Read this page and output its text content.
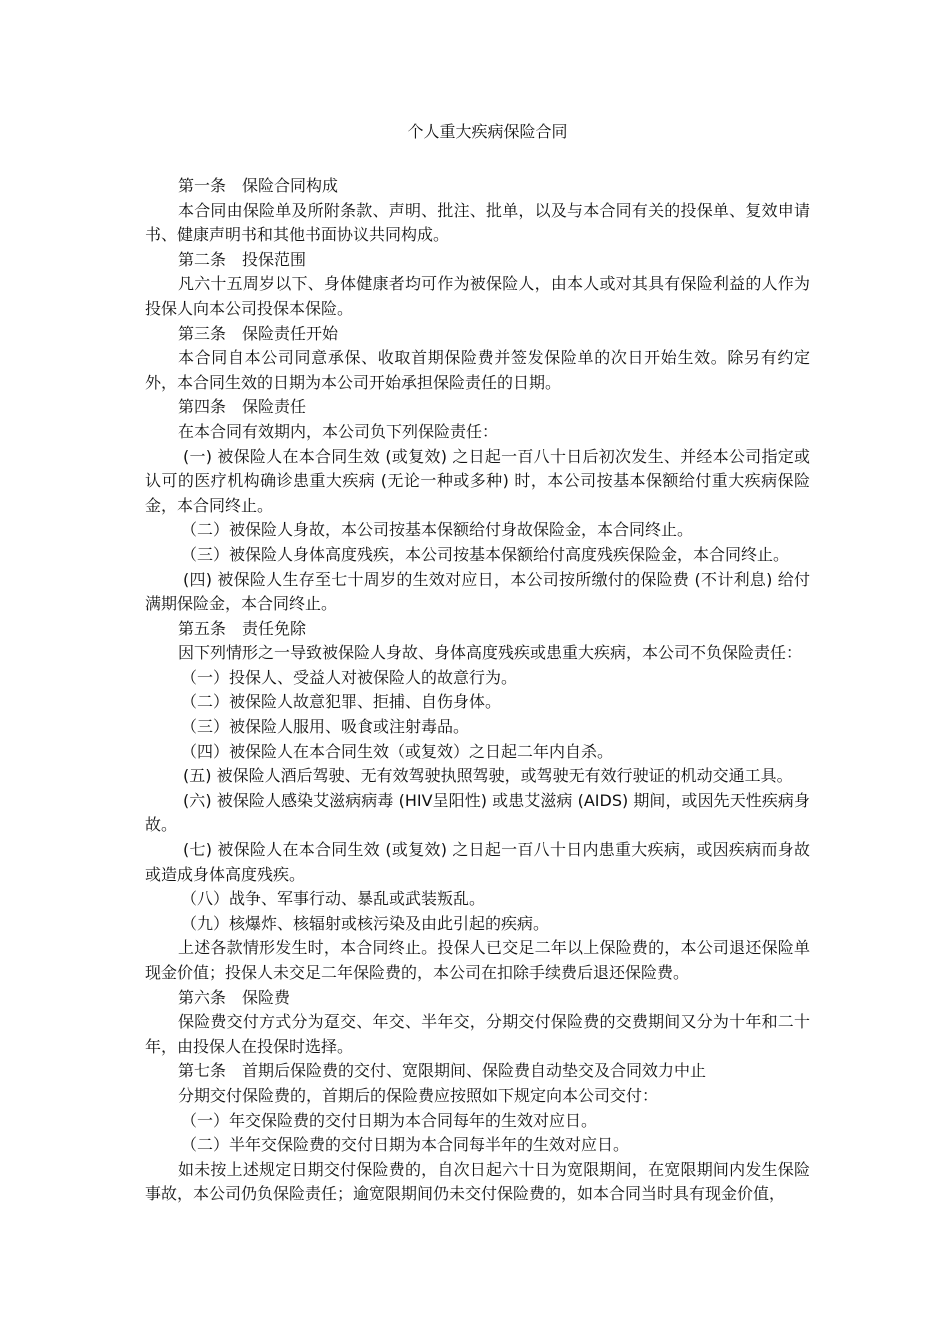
个人重大疾病保险合同

第一条　保险合同构成

本合同由保险单及所附条款、声明、批注、批单，以及与本合同有关的投保单、复效申请书、健康声明书和其他书面协议共同构成。

第二条　投保范围

凡六十五周岁以下、身体健康者均可作为被保险人，由本人或对其具有保险利益的人作为投保人向本公司投保本保险。

第三条　保险责任开始

本合同自本公司同意承保、收取首期保险费并签发保险单的次日开始生效。除另有约定外，本合同生效的日期为本公司开始承担保险责任的日期。

第四条　保险责任

在本合同有效期内，本公司负下列保险责任：

(一) 被保险人在本合同生效 (或复效) 之日起一百八十日后初次发生、并经本公司指定或认可的医疗机构确诊患重大疾病 (无论一种或多种) 时，本公司按基本保额给付重大疾病保险金，本合同终止。

（二）被保险人身故，本公司按基本保额给付身故保险金，本合同终止。

（三）被保险人身体高度残疾，本公司按基本保额给付高度残疾保险金，本合同终止。

(四) 被保险人生存至七十周岁的生效对应日，本公司按所缴付的保险费 (不计利息) 给付满期保险金，本合同终止。

第五条　责任免除

因下列情形之一导致被保险人身故、身体高度残疾或患重大疾病，本公司不负保险责任：

（一）投保人、受益人对被保险人的故意行为。

（二）被保险人故意犯罪、拒捕、自伤身体。

（三）被保险人服用、吸食或注射毒品。

（四）被保险人在本合同生效（或复效）之日起二年内自杀。

(五) 被保险人酒后驾驶、无有效驾驶执照驾驶，或驾驶无有效行驶证的机动交通工具。

(六) 被保险人感染艾滋病病毒 (HIV呈阳性) 或患艾滋病 (AIDS) 期间，或因先天性疾病身故。

(七) 被保险人在本合同生效 (或复效) 之日起一百八十日内患重大疾病，或因疾病而身故或造成身体高度残疾。

（八）战争、军事行动、暴乱或武装叛乱。

（九）核爆炸、核辐射或核污染及由此引起的疾病。

上述各款情形发生时，本合同终止。投保人已交足二年以上保险费的，本公司退还保险单现金价值；投保人未交足二年保险费的，本公司在扣除手续费后退还保险费。

第六条　保险费

保险费交付方式分为趸交、年交、半年交，分期交付保险费的交费期间又分为十年和二十年，由投保人在投保时选择。

第七条　首期后保险费的交付、宽限期间、保险费自动垫交及合同效力中止

分期交付保险费的，首期后的保险费应按照如下规定向本公司交付：

（一）年交保险费的交付日期为本合同每年的生效对应日。

（二）半年交保险费的交付日期为本合同每半年的生效对应日。

如未按上述规定日期交付保险费的，自次日起六十日为宽限期间，在宽限期间内发生保险事故，本公司仍负保险责任；逾宽限期间仍未交付保险费的，如本合同当时具有现金价值，
